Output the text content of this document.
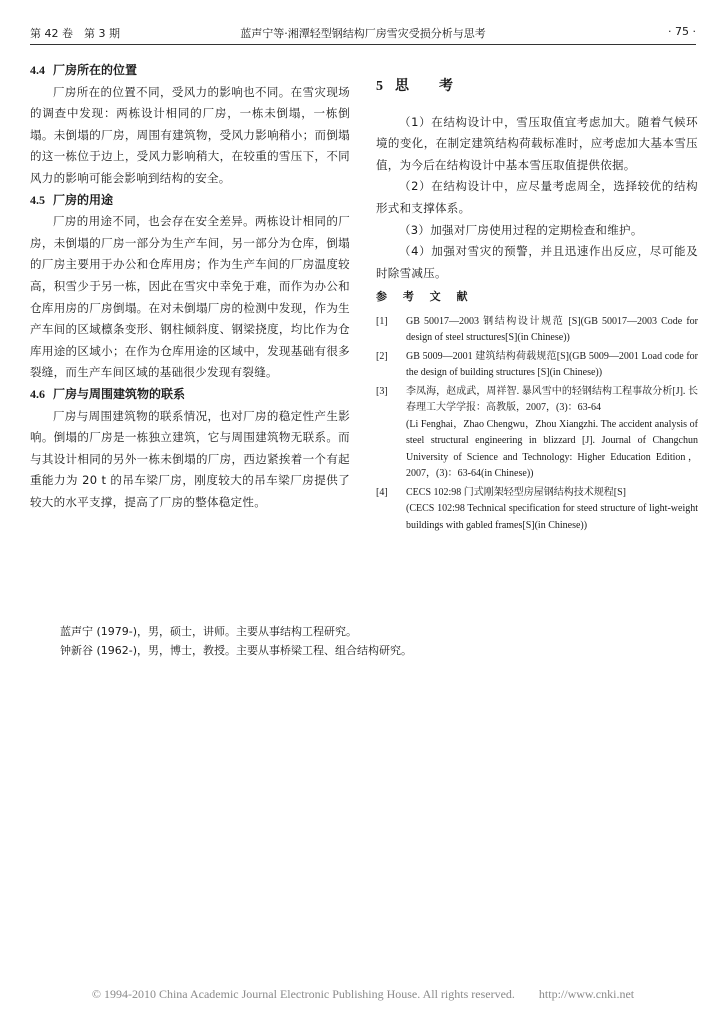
第 42 卷　第 3 期	蓝声宁等·湘潭轻型钢结构厂房雪灾受损分析与思考	· 75 ·
4.4 厂房所在的位置

厂房所在的位置不同，受风力的影响也不同。在雪灾现场的调查中发现：两栋设计相同的厂房，一栋未倒塌，一栋倒塌。未倒塌的厂房，周围有建筑物，受风力影响稍小；而倒塌的这一栋位于边上，受风力影响稍大，在较重的雪压下，不同风力的影响可能会影响到结构的安全。

4.5 厂房的用途

厂房的用途不同，也会存在安全差异。两栋设计相同的厂房，未倒塌的厂房一部分为生产车间，另一部分为仓库，倒塌的厂房主要用于办公和仓库用房；作为生产车间的厂房温度较高，积雪少于另一栋，因此在雪灾中幸免于难，而作为办公和仓库用房的厂房倒塌。在对未倒塌厂房的检测中发现，作为生产车间的区域檩条变形、钢柱倾斜度、钢梁挠度，均比作为仓库用途的区域小；在作为仓库用途的区域中，发现基础有很多裂缝，而生产车间区域的基础很少发现有裂缝。

4.6 厂房与周围建筑物的联系

厂房与周围建筑物的联系情况，也对厂房的稳定性产生影响。倒塌的厂房是一栋独立建筑，它与周围建筑物无联系。而与其设计相同的另外一栋未倒塌的厂房，西边紧挨着一个有起重能力为 20 t 的吊车梁厂房，刚度较大的吊车梁厂房提供了较大的水平支撑，提高了厂房的整体稳定性。

5 思考

（1）在结构设计中，雪压取值宜考虑加大。随着气候环境的变化，在制定建筑结构荷载标准时，应考虑加大基本雪压值，为今后在结构设计中基本雪压取值提供依据。

（2）在结构设计中，应尽量考虑周全，选择较优的结构形式和支撑体系。

（3）加强对厂房使用过程的定期检查和维护。

（4）加强对雪灾的预警，并且迅速作出反应，尽可能及时除雪减压。

参 考 文 献
[1]	GB 50017—2003 钢结构设计规范 [S](GB 50017—2003 Code for design of steel structures[S](in Chinese))
[2]	GB 5009—2001 建筑结构荷载规范[S](GB 5009—2001 Load code for the design of building structures [S](in Chinese))
[3]	李凤海，赵成武，周祥智. 暴风雪中的轻钢结构工程事故分析[J]. 长春理工大学学报：高教版，2007，(3)：63-64
(Li Fenghai，Zhao Chengwu，Zhou Xiangzhi. The accident analysis of steel structural engineering in blizzard [J]. Journal of Changchun University of Science and Technology: Higher Education Edition，2007，(3)：63-64(in Chinese))
[4]	CECS 102:98 门式刚架轻型房屋钢结构技术规程[S]
(CECS 102:98 Technical specification for steed structure of light-weight buildings with gabled frames[S](in Chinese))
蓝声宁 (1979-)，男，硕士，讲师。主要从事结构工程研究。
钟新谷 (1962-)，男，博士，教授。主要从事桥梁工程、组合结构研究。
© 1994-2010 China Academic Journal Electronic Publishing House. All rights reserved.　　http://www.cnki.net
